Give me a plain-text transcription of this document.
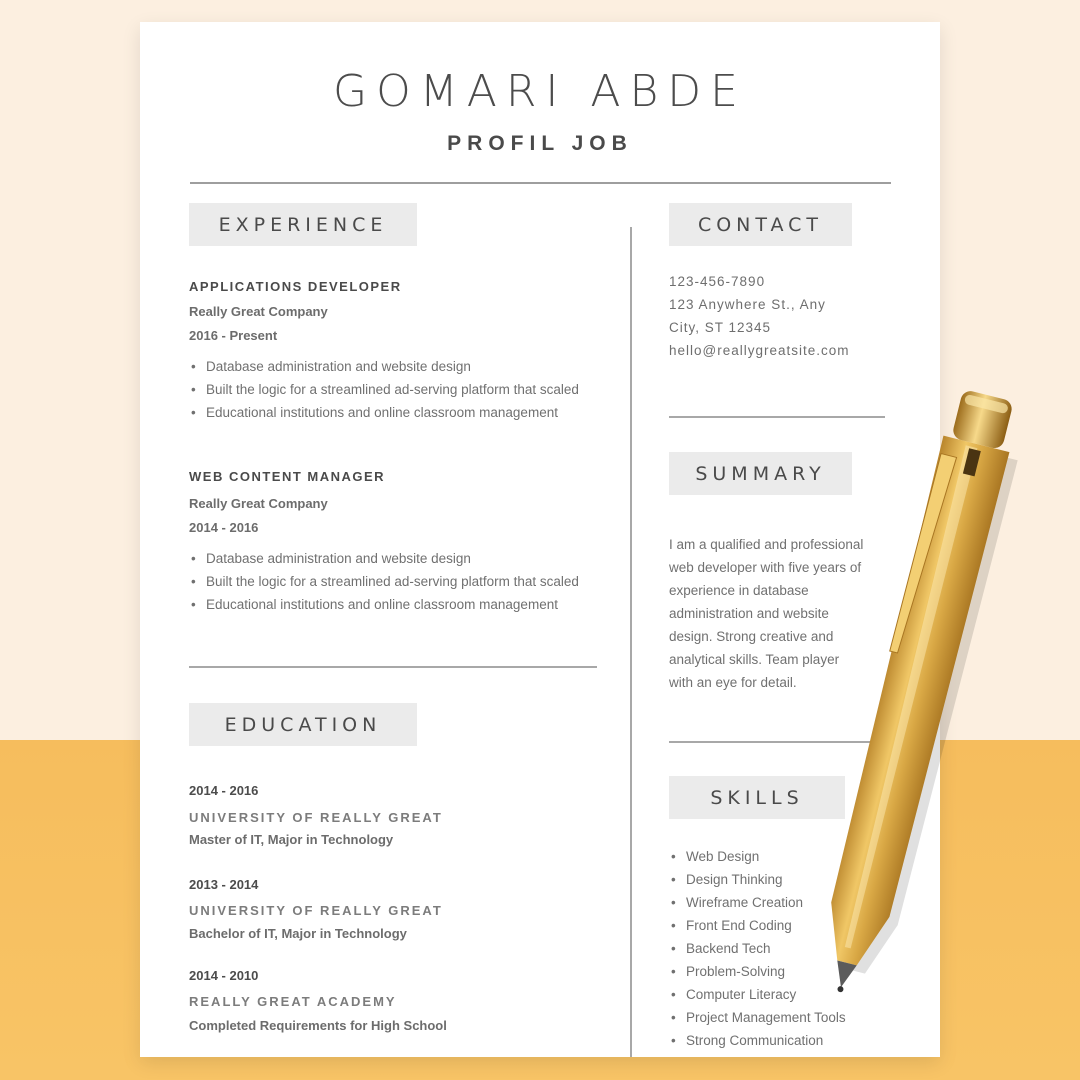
GOMARI ABDE
PROFIL JOB
EXPERIENCE
APPLICATIONS DEVELOPER
Really Great Company
2016 - Present
• Database administration and website design
• Built the logic for a streamlined ad-serving platform that scaled
• Educational institutions and online classroom management
WEB CONTENT MANAGER
Really Great Company
2014 - 2016
• Database administration and website design
• Built the logic for a streamlined ad-serving platform that scaled
• Educational institutions and online classroom management
EDUCATION
2014 - 2016
UNIVERSITY OF REALLY GREAT
Master of IT, Major in Technology
2013 - 2014
UNIVERSITY OF REALLY GREAT
Bachelor of IT, Major in Technology
2014 - 2010
REALLY GREAT ACADEMY
Completed Requirements for High School
CONTACT
123-456-7890
123 Anywhere St., Any
City, ST 12345
hello@reallygreatsite.com
SUMMARY
I am a qualified and professional
web developer with five years of
experience in database
administration and website
design. Strong creative and
analytical skills. Team player
with an eye for detail.
SKILLS
• Web Design
• Design Thinking
• Wireframe Creation
• Front End Coding
• Backend Tech
• Problem-Solving
• Computer Literacy
• Project Management Tools
• Strong Communication
